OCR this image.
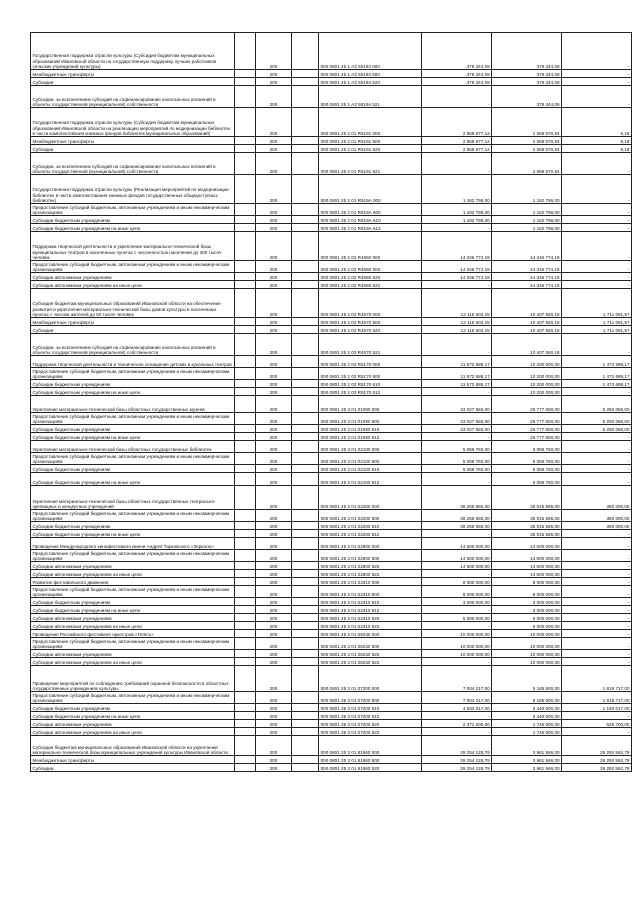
Государственная поддержка отрасли культуры (Субсидия бюджетам муниципальных образований Ивановской области на государственную поддержку лучших работников сельских учреждений культуры)		200		000 0801 25 1 А2 55194 000	378 344,09	378 344,09	-
Межбюджетные трансферты		200		000 0801 25 1 А2 55194 500	378 344,09	378 344,09	-
Субсидии		200		000 0801 25 1 А2 55194 520	378 344,09	378 344,09	-
Субсидии, за исключением субсидий на софинансирование капитальных вложений в объекты государственной (муниципальной) собственности		200		000 0801 25 1 А2 55194 521	-	378 344,09	-
Государственная поддержка отрасли культуры (Субсидия бюджетам муниципальных образований Ивановской области на реализацию мероприятий по модернизации библиотек в части комплектования книжных фондов библиотек муниципальных образований)		200		000 0801 25 2 01 R5191 000	2 659 677,12	2 659 670,94	6,18
Межбюджетные трансферты		200		000 0801 25 2 01 R5191 500	2 659 677,12	2 659 670,94	6,18
Субсидии		200		000 0801 25 2 01 R5191 520	2 659 677,12	2 659 670,94	6,18
Субсидии, за исключением субсидий на софинансирование капитальных вложений в объекты государственной (муниципальной) собственности		200		000 0801 25 2 01 R5191 521	-	2 659 670,94	-
Государственная поддержка отрасли культуры (Реализация мероприятий по модернизации библиотек в части комплектования книжных фондов государственных общедоступных библиотек)		200		000 0801 25 2 01 R519А 000	1 182 796,00	1 182 796,00	-
Предоставление субсидий бюджетным, автономным учреждениям и иным некоммерческим организациям		200		000 0801 25 2 01 R519А 600	1 182 796,00	1 182 796,00	-
Субсидии бюджетным учреждениям		200		000 0801 25 2 01 R519А 610	1 182 796,00	1 182 796,00	-
Субсидии бюджетным учреждениям на иные цели		200		000 0801 25 2 01 R519А 612	-	1 182 796,00	-
Поддержка творческой деятельности и укрепление материально-технической базы муниципальных театров в населенных пунктах с численностью населения до 300 тысяч человек		200		000 0801 25 2 02 R4660 000	14 346 774,19	14 346 774,19	-
Предоставление субсидий бюджетным, автономным учреждениям и иным некоммерческим организациям		200		000 0801 25 2 02 R4660 600	14 346 774,19	14 346 774,19	-
Субсидии автономным учреждениям		200		000 0801 25 2 02 R4660 620	14 346 774,19	14 346 774,19	-
Субсидии автономным учреждениям на иные цели		200		000 0801 25 2 02 R4660 622	-	14 346 774,19	-
Субсидия бюджетам муниципальных образований Ивановской области на обеспечение развития и укрепления материально-технической базы домов культуры в населенных пунктах с числом жителей до 50 тысяч человек		200		000 0801 25 2 02 R4670 000	12 118 602,15	10 407 550,18	1 711 051,97
Межбюджетные трансферты		200		000 0801 25 2 02 R4670 500	12 118 602,15	10 407 550,18	1 711 051,97
Субсидии		200		000 0801 25 2 02 R4670 520	12 118 602,15	10 407 550,18	1 711 051,97
Субсидии, за исключением субсидий на софинансирование капитальных вложений в объекты государственной (муниципальной) собственности		200		000 0801 25 2 02 R4670 521	-	10 407 550,18	-
Поддержка творческой деятельности и техническое оснащение детских и кукольных театров		200		000 0801 25 2 02 R5170 000	11 672 688,17	10 200 000,00	1 472 688,17
Предоставление субсидий бюджетным, автономным учреждениям и иным некоммерческим организациям		200		000 0801 25 2 02 R5170 600	11 672 688,17	10 200 000,00	1 472 688,17
Субсидии бюджетным учреждениям		200		000 0801 25 2 02 R5170 610	11 672 688,17	10 200 000,00	1 472 688,17
Субсидии бюджетным учреждениям на иные цели		200		000 0801 25 2 02 R5170 612	-	10 200 000,00	-
Укрепление материально-технической базы областных государственных музеев		200		000 0801 25 3 01 01090 000	33 027 666,00	26 777 600,00	6 250 066,00
Предоставление субсидий бюджетным, автономным учреждениям и иным некоммерческим организациям		200		000 0801 25 3 01 01090 600	33 027 666,00	26 777 600,00	6 250 066,00
Субсидии бюджетным учреждениям		200		000 0801 25 3 01 01090 610	33 027 666,00	26 777 600,00	6 250 066,00
Субсидии бюджетным учреждениям на иные цели		200		000 0801 25 3 01 01090 612	-	26 777 600,00	-
Укрепление материально-технической базы областных государственных библиотек		200		000 0801 25 3 01 02100 000	5 059 760,00	5 059 760,00	-
Предоставление субсидий бюджетным, автономным учреждениям и иным некоммерческим организациям		200		000 0801 25 3 01 02100 600	5 059 760,00	5 059 760,00	-
Субсидии бюджетным учреждениям		200		000 0801 25 3 01 02100 610	5 059 760,00	5 059 760,00	-
Субсидии бюджетным учреждениям на иные цели		200		000 0801 25 3 01 02100 612	-	5 059 760,00	-
Укрепление материально-технической базы областных государственных театрально-зрелищных и концертных учреждений		200		000 0801 25 3 01 02200 000	36 265 665,00	35 915 665,00	350 000,00
Предоставление субсидий бюджетным, автономным учреждениям и иным некоммерческим организациям		200		000 0801 25 3 01 02200 600	36 265 665,00	35 915 665,00	350 000,00
Субсидии бюджетным учреждениям		200		000 0801 25 3 01 02200 610	36 265 665,00	35 915 665,00	350 000,00
Субсидии бюджетным учреждениям на иные цели		200		000 0801 25 3 01 02200 612	-	35 915 665,00	-
Проведение Международного кинофестиваля имени Андрея Тарковского «Зеркало»		200		000 0801 25 3 01 02800 000	14 600 000,00	14 600 000,00	-
Предоставление субсидий бюджетным, автономным учреждениям и иным некоммерческим организациям		200		000 0801 25 3 01 02800 600	14 600 000,00	14 600 000,00	-
Субсидии автономным учреждениям		200		000 0801 25 3 01 02800 620	14 600 000,00	14 600 000,00	-
Субсидии автономным учреждениям на иные цели		200		000 0801 25 3 01 02800 622	-	14 600 000,00	-
Развитие фестивального движения		200		000 0801 25 3 01 03310 000	8 000 000,00	8 000 000,00	-
Предоставление субсидий бюджетным, автономным учреждениям и иным некоммерческим организациям		200		000 0801 25 3 01 03310 600	8 000 000,00	8 000 000,00	-
Субсидии бюджетным учреждениям		200		000 0801 25 3 01 03310 610	3 000 000,00	3 000 000,00	-
Субсидии бюджетным учреждениям на иные цели		200		000 0801 25 3 01 03310 612	-	3 000 000,00	-
Субсидии автономным учреждениям		200		000 0801 25 3 01 03310 620	5 000 000,00	5 000 000,00	-
Субсидии автономным учреждениям на иные цели		200		000 0801 25 3 01 03310 622	-	5 000 000,00	-
Проведение Российского фестиваля оркестров «Плёсъ»		200		000 0801 25 3 01 06230 000	10 000 000,00	10 000 000,00	-
Предоставление субсидий бюджетным, автономным учреждениям и иным некоммерческим организациям		200		000 0801 25 3 01 06230 600	10 000 000,00	10 000 000,00	-
Субсидии автономным учреждениям		200		000 0801 25 3 01 06230 620	10 000 000,00	10 000 000,00	-
Субсидии автономным учреждениям на иные цели		200		000 0801 25 3 01 06230 622	-	10 000 000,00	-
Проведение мероприятий по соблюдению требований охранной безопасности в областных государственных учреждениях культуры		200		000 0801 25 3 01 07200 000	7 004 217,00	5 185 500,00	1 818 717,00
Предоставление субсидий бюджетным, автономным учреждениям и иным некоммерческим организациям		200		000 0801 25 3 01 07200 600	7 004 217,00	5 185 500,00	1 818 717,00
Субсидии бюджетным учреждениям		200		000 0801 25 3 01 07200 610	4 633 017,00	3 440 000,00	1 193 017,00
Субсидии бюджетным учреждениям на иные цели		200		000 0801 25 3 01 07200 612	-	3 440 000,00	-
Субсидии автономным учреждениям		200		000 0801 25 3 01 07200 620	2 371 200,00	1 745 500,00	625 700,00
Субсидии автономным учреждениям на иные цели		200		000 0801 25 3 01 07200 622	-	1 745 500,00	-
Субсидия бюджетам муниципальных образований Ивановской области на укрепление материально-технической базы муниципальных учреждений культуры Ивановской области		200		000 0801 25 3 01 81960 000	29 254 128,79	3 961 566,00	25 292 562,79
Межбюджетные трансферты		200		000 0801 25 3 01 81960 500	29 254 128,79	3 961 566,00	25 292 562,79
Субсидии		200		000 0801 25 3 01 81960 520	29 254 128,79	3 961 566,00	25 292 562,79
